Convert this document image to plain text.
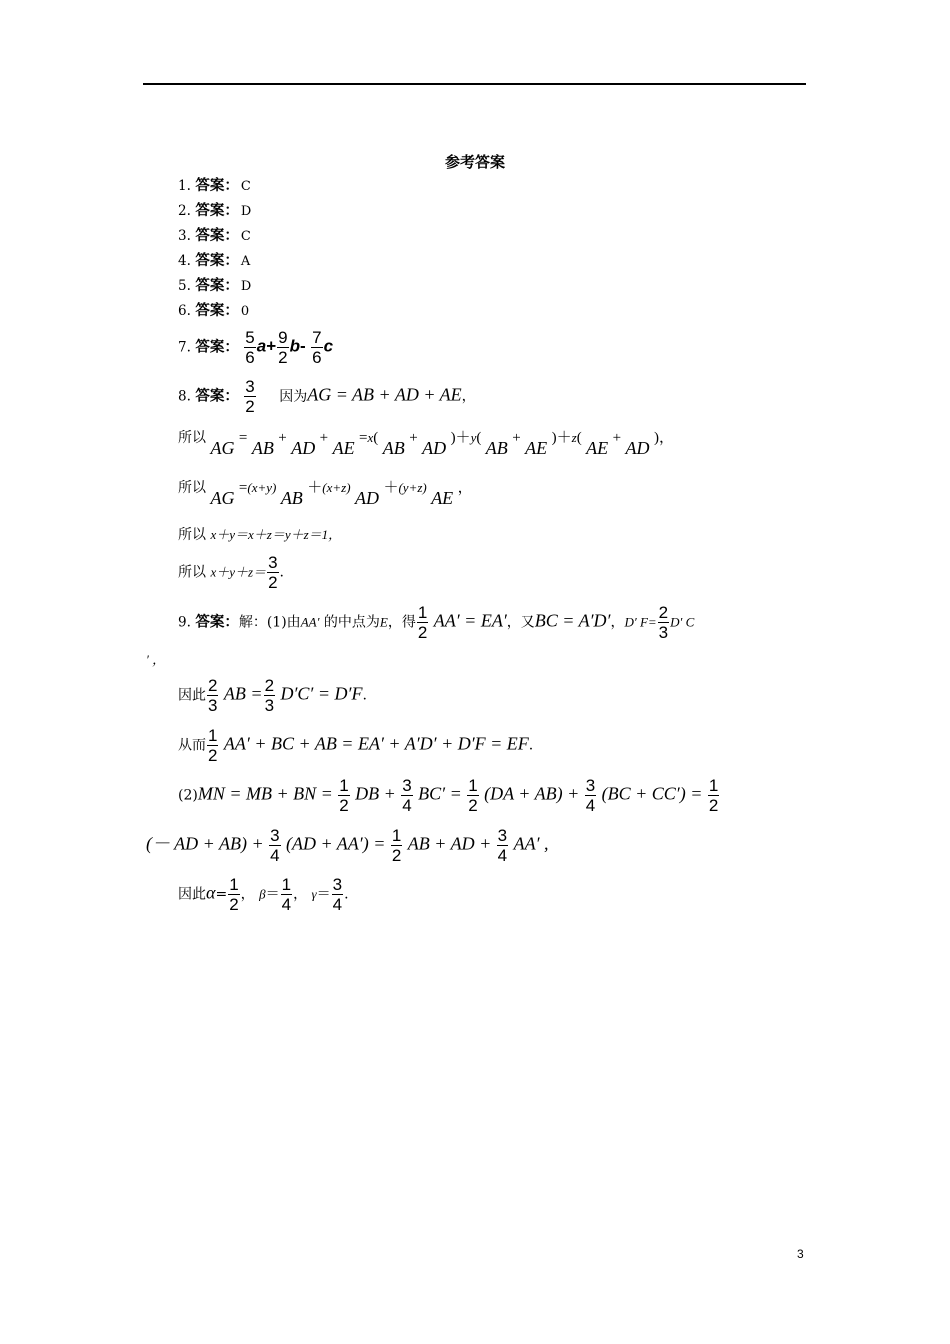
参考答案
1. 答案： C
2. 答案： D
3. 答案： C
4. 答案： A
5. 答案： D
6. 答案： 0
7. 答案： $\frac{5}{6} a+ \frac{9}{2} b- \frac{7}{6}$ c
8. 答案： $\frac{3}{2}$ 因为AG = AB + AD + AE，
所以 AG = AB + AD + AE =x( AB + AD )＋y( AB + AE )＋z( AE + AD )，
所以 AG =(x+y) AB ＋(x+z) AD ＋(y+z) AE ，
所以 x＋y＝x＋z＝y＋z＝1，
所以 $x+y+z= \frac{3}{2}$ .
9. 答案：解：(1)由AA′ 的中点为E，得 $\frac{1}{2} AA' = EA'$，又BC = A′D′，D′ $F= \frac{2}{3} D'$ C
′ ，
因此 $\frac{2}{3}$ AB = $\frac{2}{3} D'C' = D'F$.
从而 $\frac{1}{2} AA'$ + BC + AB = EA′ + A′D′ + D′F = EF.
(2)MN = MB + BN = $\frac{1}{2}$ DB + $\frac{3}{4} BC' = \frac{1}{2} (DA + AB) + \frac{3}{4} (BC + CC') = \frac{1}{2}$
(－ AD + $AB) + \frac{3}{4} (AD + AA') = \frac{1}{2}$ AB + AD + $\frac{3}{4} AA'$ ,
因此$\alpha= \frac{1}{2}$ ， $\beta= \frac{1}{4}$ ， $\gamma= \frac{3}{4}$ .
3
